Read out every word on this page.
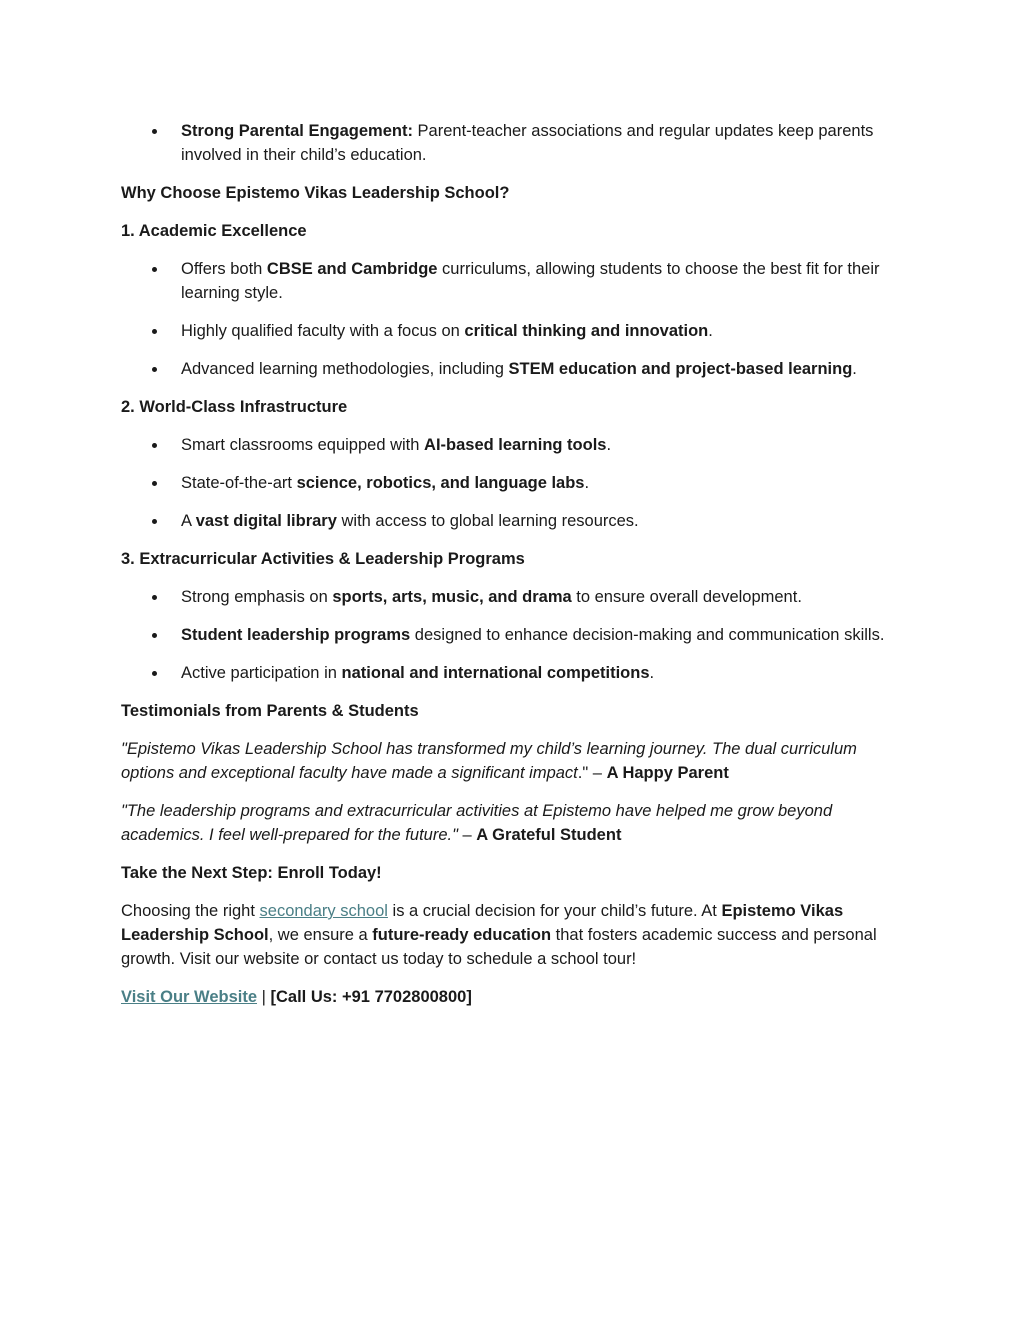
Strong Parental Engagement: Parent-teacher associations and regular updates keep parents involved in their child’s education.

Why Choose Epistemo Vikas Leadership School?

1. Academic Excellence

Offers both CBSE and Cambridge curriculums, allowing students to choose the best fit for their learning style.
Highly qualified faculty with a focus on critical thinking and innovation.
Advanced learning methodologies, including STEM education and project-based learning.

2. World-Class Infrastructure

Smart classrooms equipped with AI-based learning tools.
State-of-the-art science, robotics, and language labs.
A vast digital library with access to global learning resources.

3. Extracurricular Activities & Leadership Programs

Strong emphasis on sports, arts, music, and drama to ensure overall development.
Student leadership programs designed to enhance decision-making and communication skills.
Active participation in national and international competitions.

Testimonials from Parents & Students

"Epistemo Vikas Leadership School has transformed my child’s learning journey. The dual curriculum options and exceptional faculty have made a significant impact." – A Happy Parent

"The leadership programs and extracurricular activities at Epistemo have helped me grow beyond academics. I feel well-prepared for the future." – A Grateful Student

Take the Next Step: Enroll Today!

Choosing the right secondary school is a crucial decision for your child’s future. At Epistemo Vikas Leadership School, we ensure a future-ready education that fosters academic success and personal growth. Visit our website or contact us today to schedule a school tour!

Visit Our Website | [Call Us: +91 7702800800]
